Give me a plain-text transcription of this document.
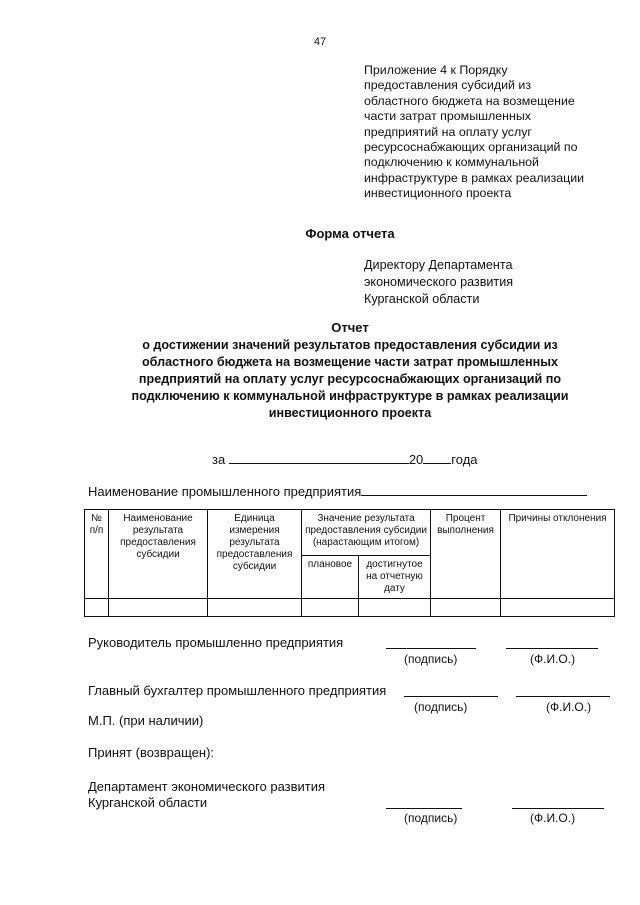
47
Приложение 4 к Порядку
предоставления субсидий из
областного бюджета на возмещение
части затрат промышленных
предприятий на оплату услуг
ресурсоснабжающих организаций по
подключению к коммунальной
инфраструктуре в рамках реализации
инвестиционного проекта
Форма отчета
Директору Департамента
экономического развития
Курганской области
Отчет
о достижении значений результатов предоставления субсидии из
областного бюджета на возмещение части затрат промышленных
предприятий на оплату услуг ресурсоснабжающих организаций по
подключению к коммунальной инфраструктуре в рамках реализации
инвестиционного проекта
за	20 года
Наименование промышленного предприятия
№ п/п	Наименование результата предоставления субсидии	Единица измерения результата предоставления субсидии	Значение результата предоставления субсидии (нарастающим итогом)		Процент выполнения	Причины отклонения
			плановое	достигнутое на отчетную дату		

Руководитель промышленно предприятия
(подпись)	(Ф.И.О.)
Главный бухгалтер промышленного предприятия
(подпись)	(Ф.И.О.)
М.П. (при наличии)
Принят (возвращен):
Департамент экономического развития
Курганской области
(подпись)	(Ф.И.О.)
